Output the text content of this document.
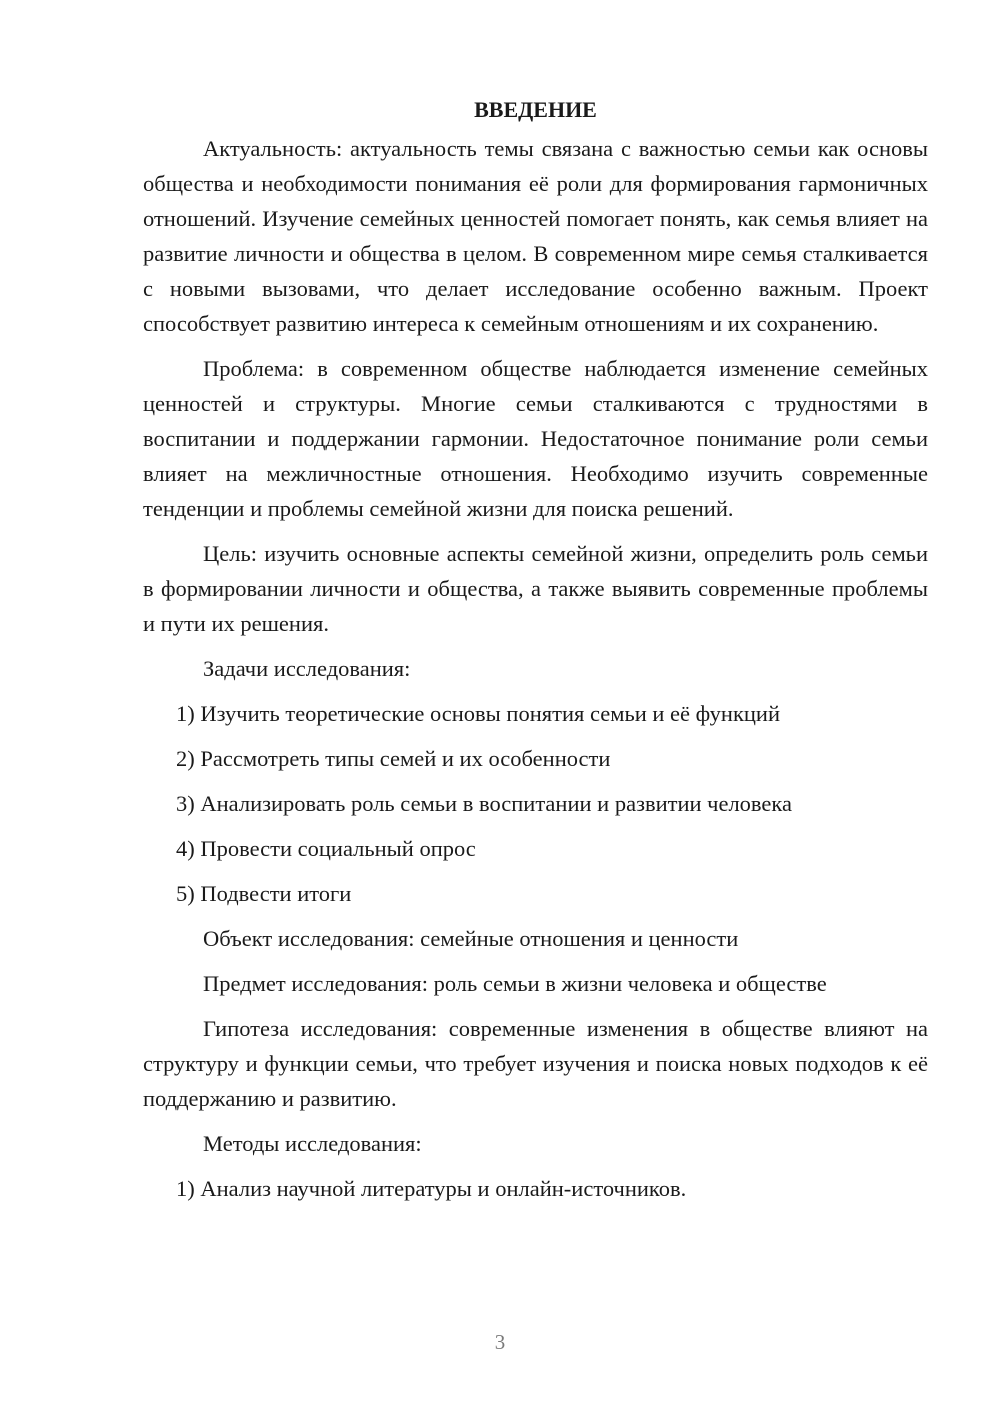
ВВЕДЕНИЕ

Актуальность: актуальность темы связана с важностью семьи как основы общества и необходимости понимания её роли для формирования гармоничных отношений. Изучение семейных ценностей помогает понять, как семья влияет на развитие личности и общества в целом. В современном мире семья сталкивается с новыми вызовами, что делает исследование особенно важным. Проект способствует развитию интереса к семейным отношениям и их сохранению.

Проблема: в современном обществе наблюдается изменение семейных ценностей и структуры. Многие семьи сталкиваются с трудностями в воспитании и поддержании гармонии. Недостаточное понимание роли семьи влияет на межличностные отношения. Необходимо изучить современные тенденции и проблемы семейной жизни для поиска решений.

Цель: изучить основные аспекты семейной жизни, определить роль семьи в формировании личности и общества, а также выявить современные проблемы и пути их решения.

Задачи исследования:
1) Изучить теоретические основы понятия семьи и её функций
2) Рассмотреть типы семей и их особенности
3) Анализировать роль семьи в воспитании и развитии человека
4) Провести социальный опрос
5) Подвести итоги
Объект исследования: семейные отношения и ценности
Предмет исследования: роль семьи в жизни человека и обществе

Гипотеза исследования: современные изменения в обществе влияют на структуру и функции семьи, что требует изучения и поиска новых подходов к её поддержанию и развитию.

Методы исследования:
1) Анализ научной литературы и онлайн-источников.
3
